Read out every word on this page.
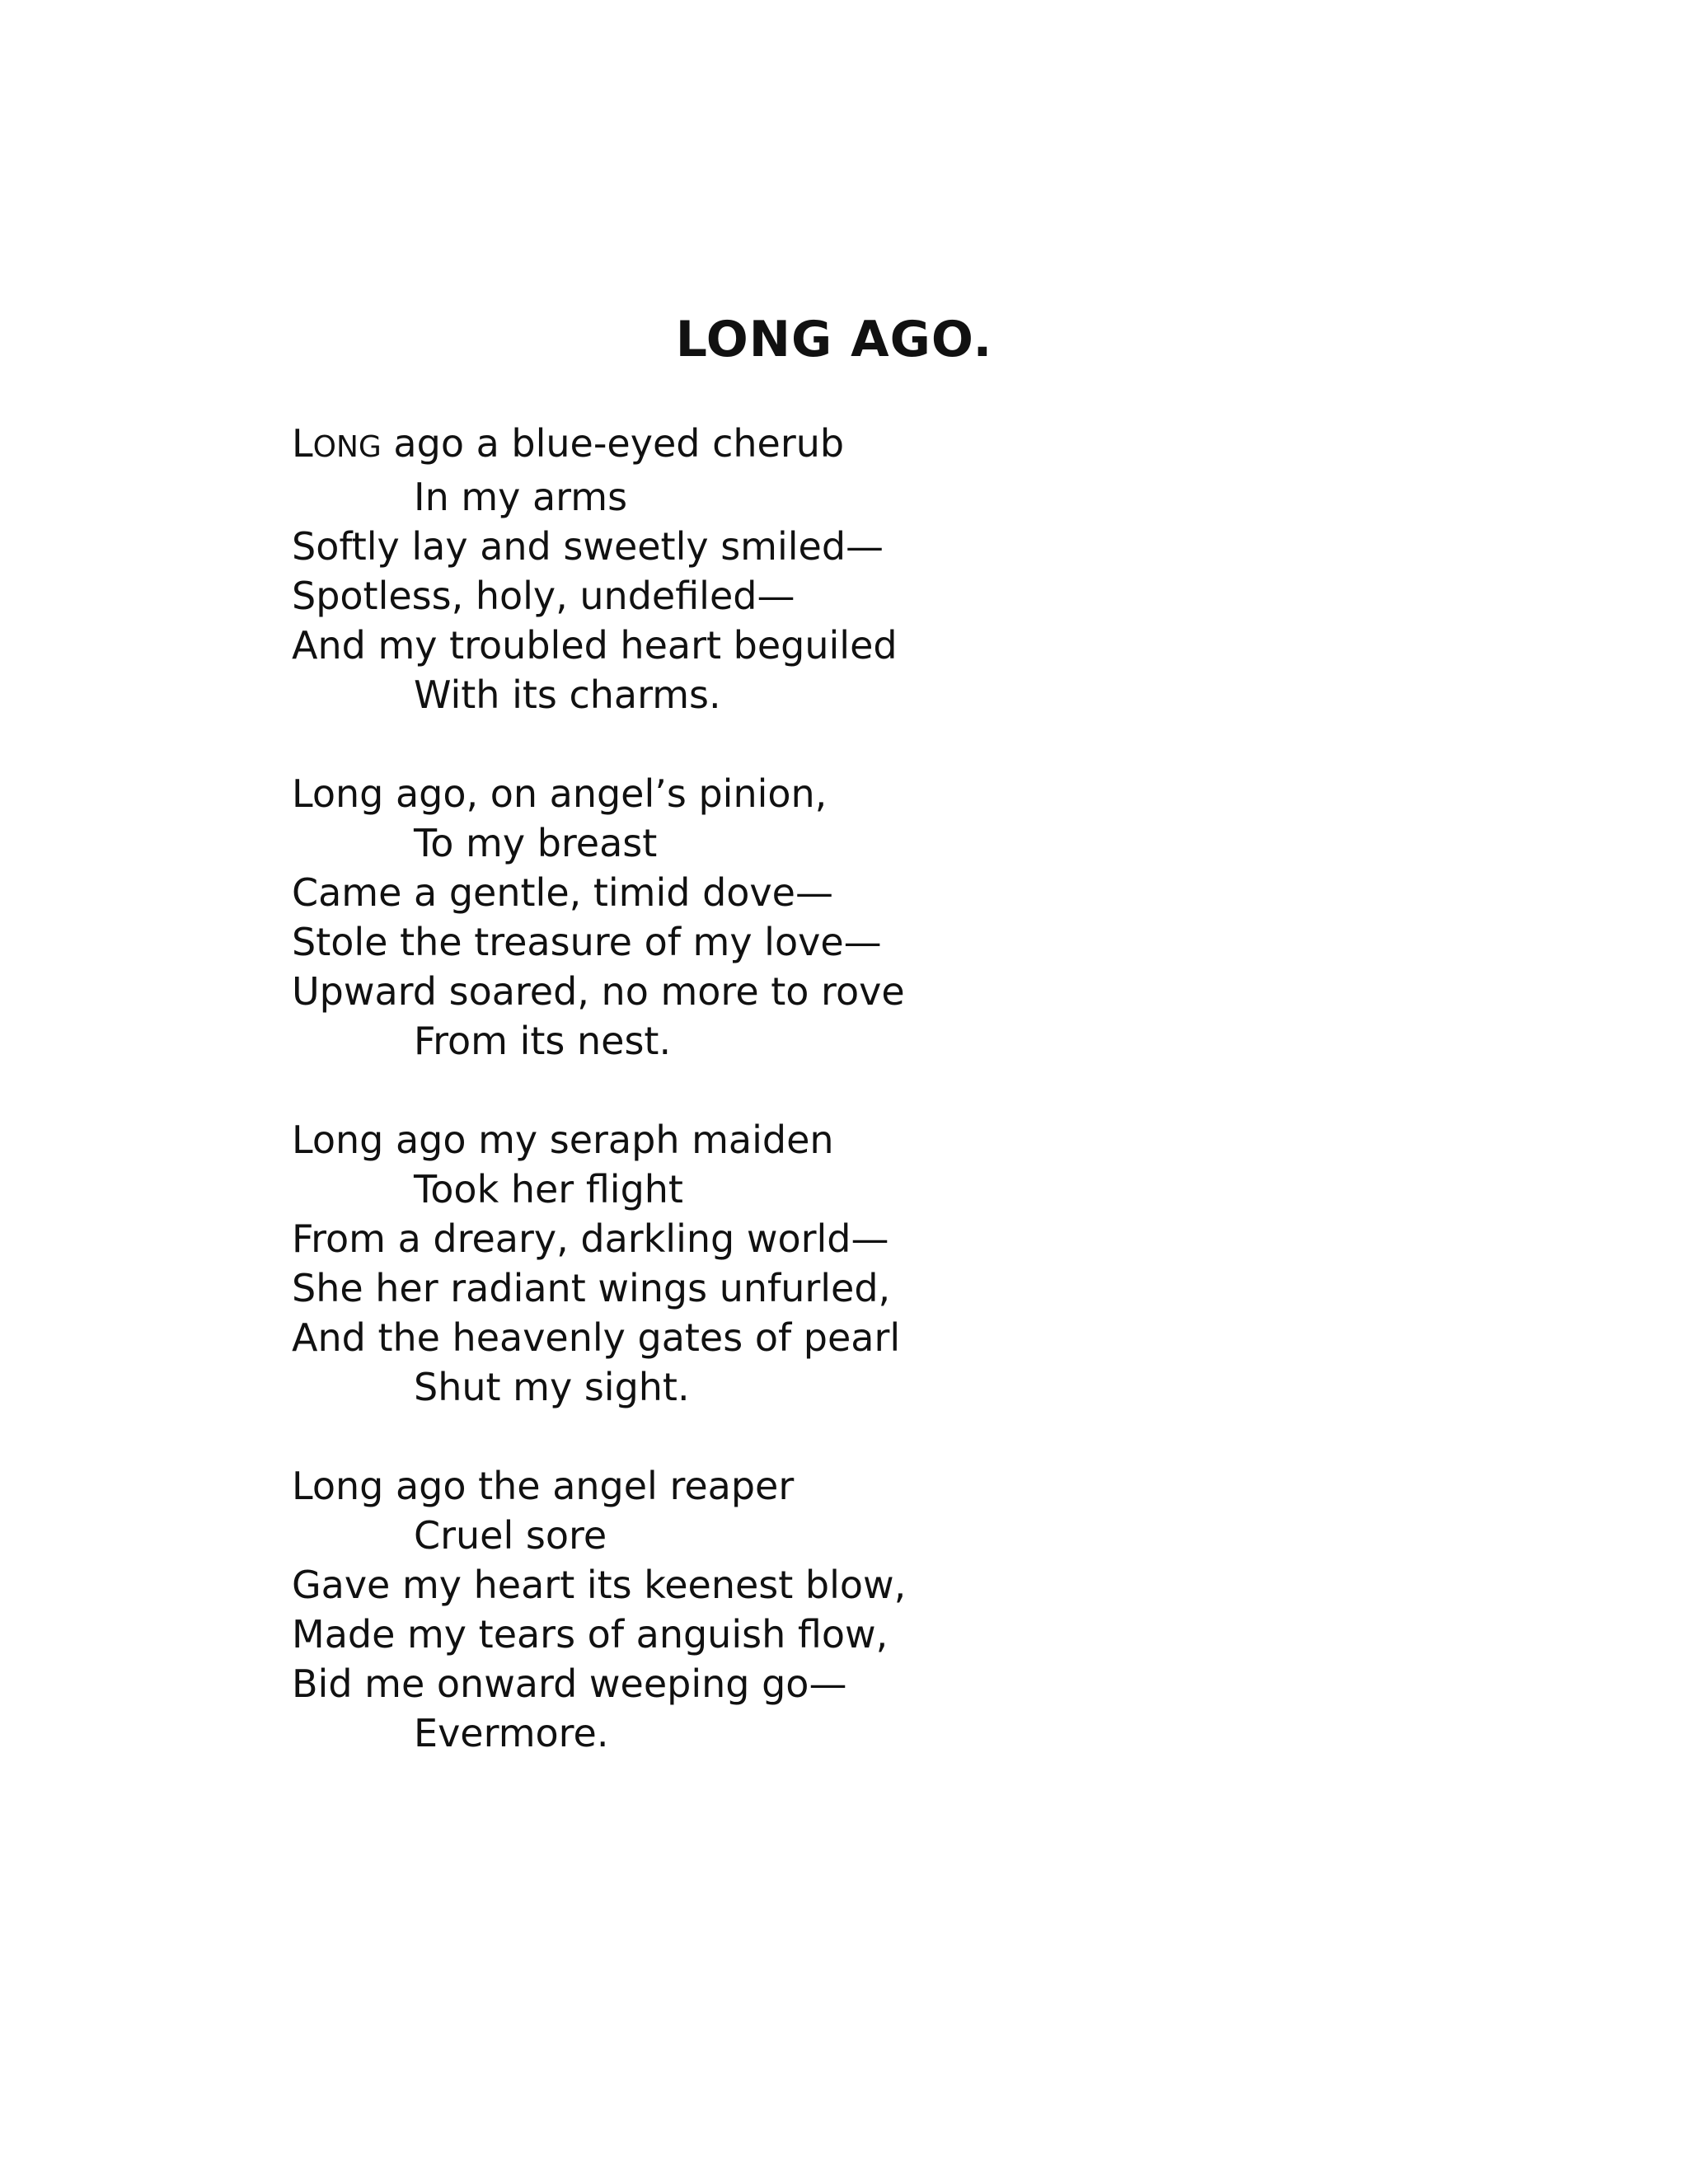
LONG AGO.
LONG ago a blue-eyed cherub
In my arms
Softly lay and sweetly smiled—
Spotless, holy, undefiled—
And my troubled heart beguiled
With its charms.
Long ago, on angel’s pinion,
To my breast
Came a gentle, timid dove—
Stole the treasure of my love—
Upward soared, no more to rove
From its nest.
Long ago my seraph maiden
Took her flight
From a dreary, darkling world—
She her radiant wings unfurled,
And the heavenly gates of pearl
Shut my sight.
Long ago the angel reaper
Cruel sore
Gave my heart its keenest blow,
Made my tears of anguish flow,
Bid me onward weeping go—
Evermore.
